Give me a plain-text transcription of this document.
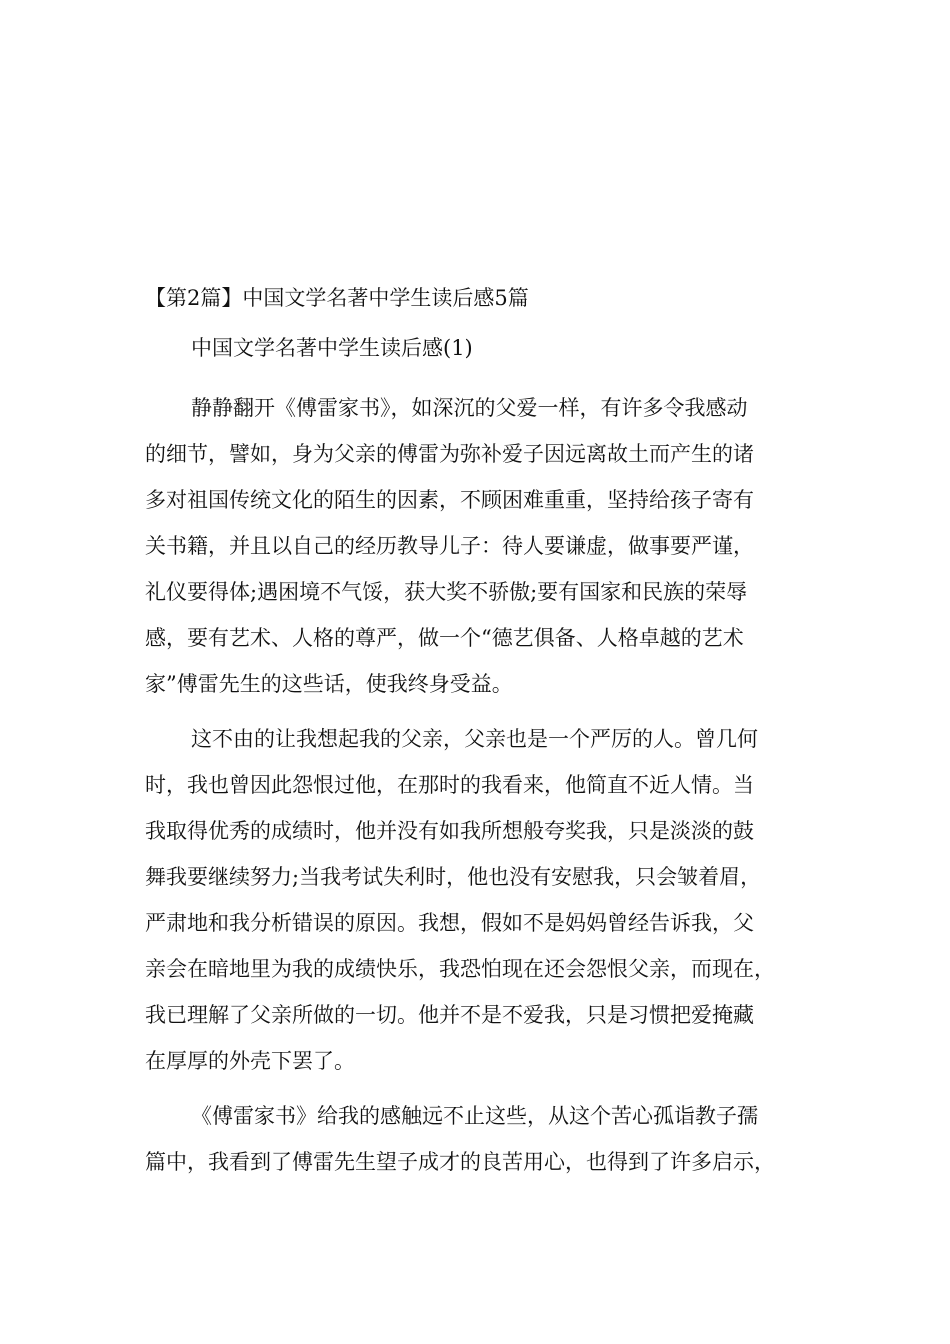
【第2篇】中国文学名著中学生读后感5篇
中国文学名著中学生读后感(1)
静静翻开《傅雷家书》，如深沉的父爱一样，有许多令我感动
的细节，譬如，身为父亲的傅雷为弥补爱子因远离故土而产生的诸
多对祖国传统文化的陌生的因素，不顾困难重重，坚持给孩子寄有
关书籍，并且以自己的经历教导儿子：待人要谦虚，做事要严谨，
礼仪要得体;遇困境不气馁，获大奖不骄傲;要有国家和民族的荣辱
感，要有艺术、人格的尊严，做一个“德艺俱备、人格卓越的艺术
家”傅雷先生的这些话，使我终身受益。
这不由的让我想起我的父亲，父亲也是一个严厉的人。曾几何
时，我也曾因此怨恨过他，在那时的我看来，他简直不近人情。当
我取得优秀的成绩时，他并没有如我所想般夸奖我，只是淡淡的鼓
舞我要继续努力;当我考试失利时，他也没有安慰我，只会皱着眉，
严肃地和我分析错误的原因。我想，假如不是妈妈曾经告诉我，父
亲会在暗地里为我的成绩快乐，我恐怕现在还会怨恨父亲，而现在，
我已理解了父亲所做的一切。他并不是不爱我，只是习惯把爱掩藏
在厚厚的外壳下罢了。
《傅雷家书》给我的感触远不止这些，从这个苦心孤诣教子孺
篇中，我看到了傅雷先生望子成才的良苦用心，也得到了许多启示，
